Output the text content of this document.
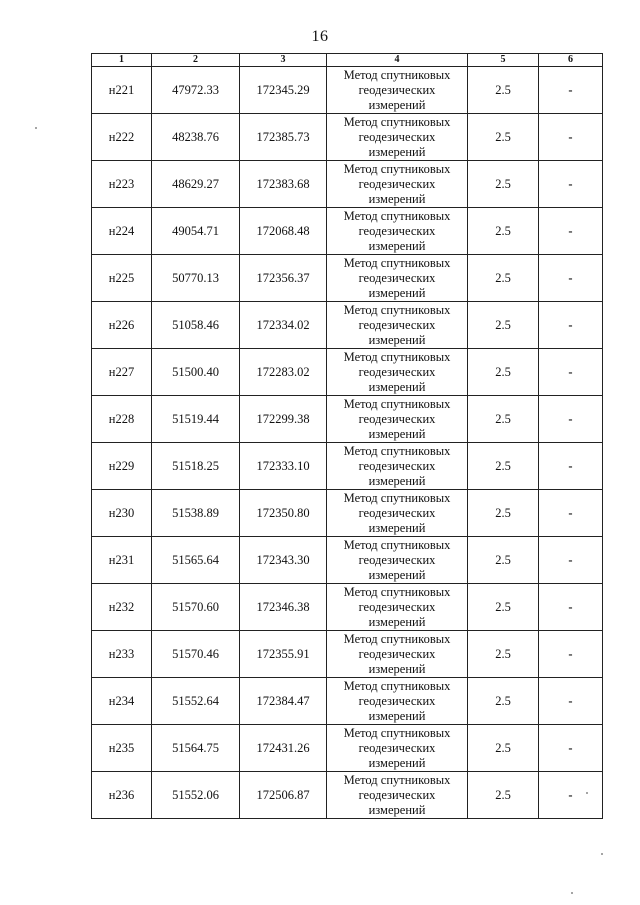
16
1	2	3	4	5	6
н221	47972.33	172345.29	Метод спутниковых
геодезических
измерений	2.5	-
н222	48238.76	172385.73	Метод спутниковых
геодезических
измерений	2.5	-
н223	48629.27	172383.68	Метод спутниковых
геодезических
измерений	2.5	-
н224	49054.71	172068.48	Метод спутниковых
геодезических
измерений	2.5	-
н225	50770.13	172356.37	Метод спутниковых
геодезических
измерений	2.5	-
н226	51058.46	172334.02	Метод спутниковых
геодезических
измерений	2.5	-
н227	51500.40	172283.02	Метод спутниковых
геодезических
измерений	2.5	-
н228	51519.44	172299.38	Метод спутниковых
геодезических
измерений	2.5	-
н229	51518.25	172333.10	Метод спутниковых
геодезических
измерений	2.5	-
н230	51538.89	172350.80	Метод спутниковых
геодезических
измерений	2.5	-
н231	51565.64	172343.30	Метод спутниковых
геодезических
измерений	2.5	-
н232	51570.60	172346.38	Метод спутниковых
геодезических
измерений	2.5	-
н233	51570.46	172355.91	Метод спутниковых
геодезических
измерений	2.5	-
н234	51552.64	172384.47	Метод спутниковых
геодезических
измерений	2.5	-
н235	51564.75	172431.26	Метод спутниковых
геодезических
измерений	2.5	-
н236	51552.06	172506.87	Метод спутниковых
геодезических
измерений	2.5	-
